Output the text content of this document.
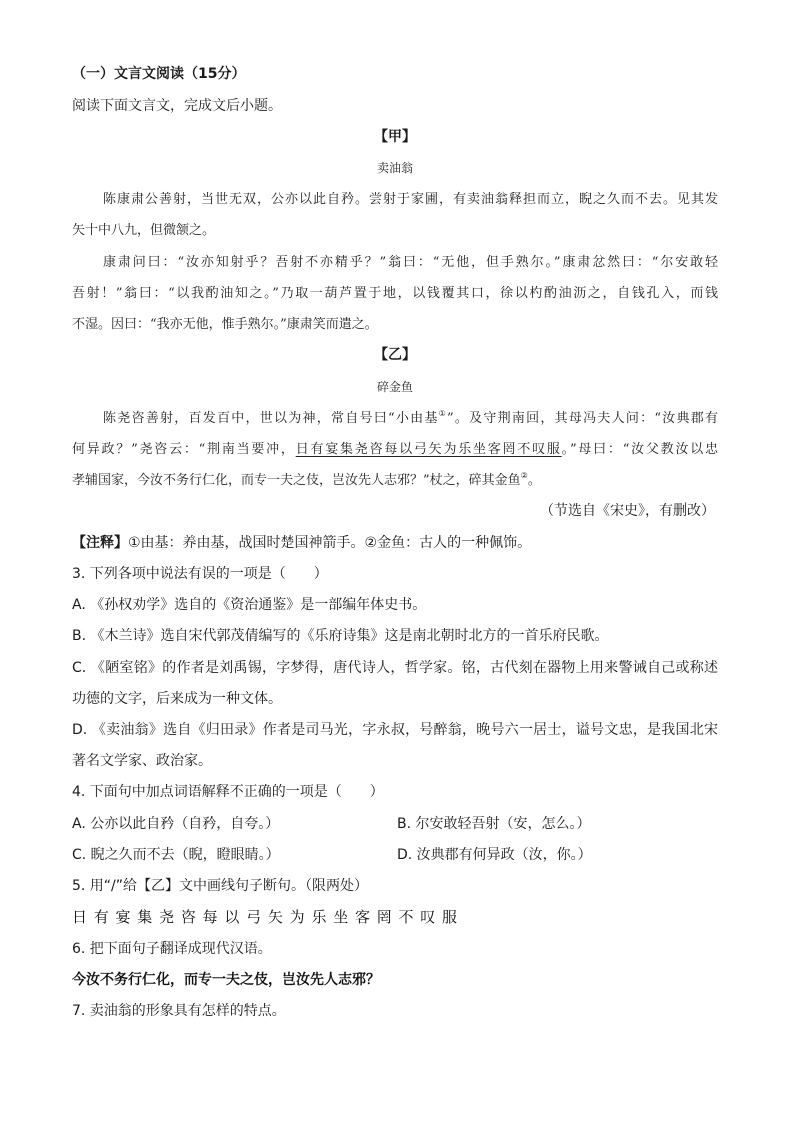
（一）文言文阅读（15分）
阅读下面文言文，完成文后小题。
【甲】
卖油翁
陈康肃公善射，当世无双，公亦以此自矜。尝射于家圃，有卖油翁释担而立，睨之久而不去。见其发
矢十中八九，但微颔之。
康肃问曰：“汝亦知射乎？吾射不亦精乎？”翁曰：“无他，但手熟尔。”康肃忿然曰：“尔安敢轻
吾射！”翁曰：“以我酌油知之。”乃取一葫芦置于地，以钱覆其口，徐以杓酌油沥之，自钱孔入，而钱
不湿。因曰：“我亦无他，惟手熟尔。”康肃笑而遣之。
【乙】
碎金鱼
陈尧咨善射，百发百中，世以为神，常自号曰“小由基①”。及守荆南回，其母冯夫人问：“汝典郡有
何异政？”尧咨云：“荆南当要冲，日有宴集尧咨每以弓矢为乐坐客罔不叹服。”母曰：“汝父教汝以忠
孝辅国家，今汝不务行仁化，而专一夫之伎，岂汝先人志邪？”杖之，碎其金鱼②。
（节选自《宋史》，有删改）
【注释】①由基：养由基，战国时楚国神箭手。②金鱼：古人的一种佩饰。
3. 下列各项中说法有误的一项是（　　）
A. 《孙权劝学》选自的《资治通鉴》是一部编年体史书。
B. 《木兰诗》选自宋代郭茂倩编写的《乐府诗集》这是南北朝时北方的一首乐府民歌。
C. 《陋室铭》的作者是刘禹锡，字梦得，唐代诗人，哲学家。铭，古代刻在器物上用来警诫自己或称述
功德的文字，后来成为一种文体。
D. 《卖油翁》选自《归田录》作者是司马光，字永叔，号醉翁，晚号六一居士，谥号文忠，是我国北宋
著名文学家、政治家。
4. 下面句中加点词语解释不正确的一项是（　　）
A. 公亦以此自矜（自矜，自夸。）	B. 尔安敢轻吾射（安，怎么。）
C. 睨之久而不去（睨，瞪眼睛。）	D. 汝典郡有何异政（汝，你。）
5. 用“/”给【乙】文中画线句子断句。（限两处）
日 有 宴 集 尧 咨 每 以 弓 矢 为 乐 坐 客 罔 不 叹 服
6. 把下面句子翻译成现代汉语。
今汝不务行仁化，而专一夫之伎，岂汝先人志邪？
7. 卖油翁的形象具有怎样的特点。
